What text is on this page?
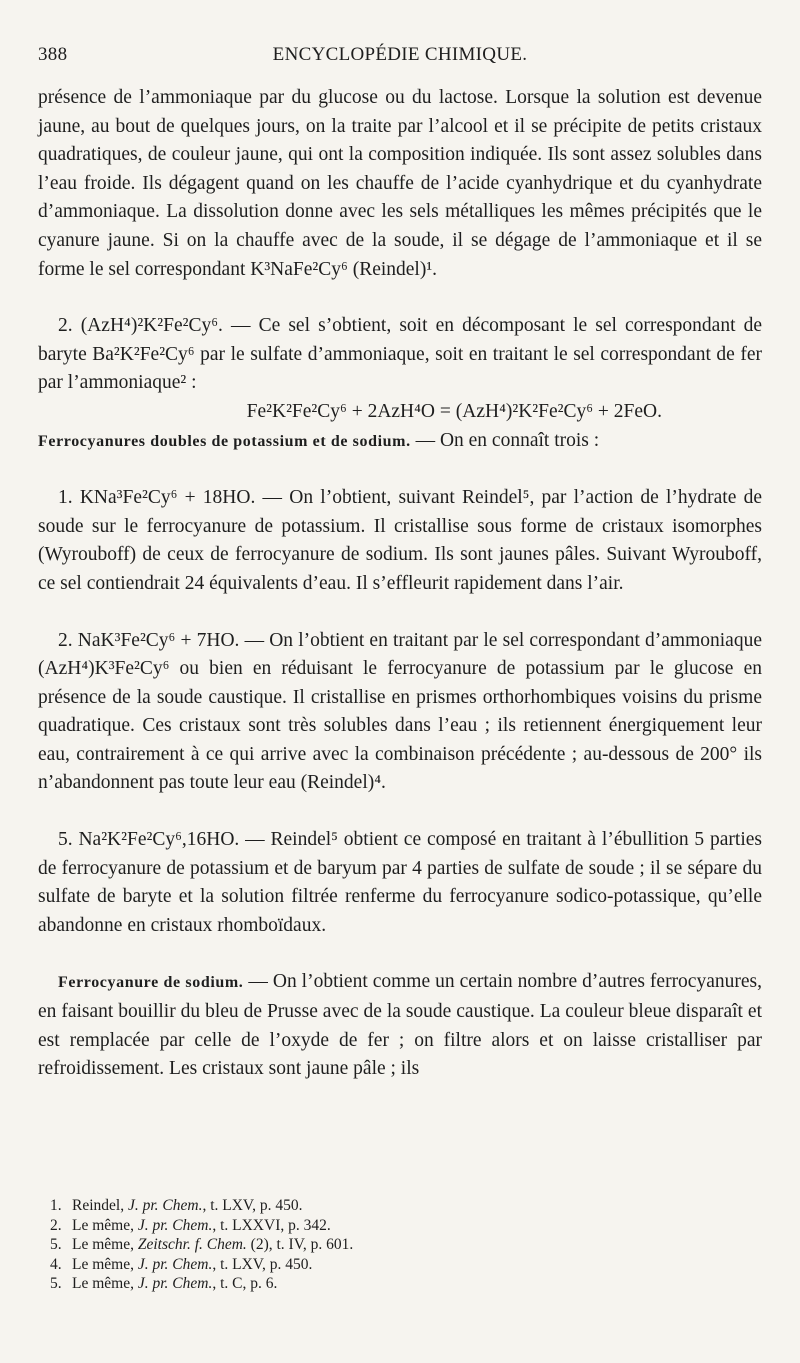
388	ENCYCLOPÉDIE CHIMIQUE.

présence de l’ammoniaque par du glucose ou du lactose. Lorsque la solution est devenue jaune, au bout de quelques jours, on la traite par l’alcool et il se précipite de petits cristaux quadratiques, de couleur jaune, qui ont la composition indiquée. Ils sont assez solubles dans l’eau froide. Ils dégagent quand on les chauffe de l’acide cyanhydrique et du cyanhydrate d’ammoniaque. La dissolution donne avec les sels métalliques les mêmes précipités que le cyanure jaune. Si on la chauffe avec de la soude, il se dégage de l’ammoniaque et il se forme le sel correspondant K³NaFe²Cy⁶ (Reindel)¹.

2. (AzH⁴)²K²Fe²Cy⁶. — Ce sel s’obtient, soit en décomposant le sel correspondant de baryte Ba²K²Fe²Cy⁶ par le sulfate d’ammoniaque, soit en traitant le sel correspondant de fer par l’ammoniaque² :

Fe²K²Fe²Cy⁶ + 2AzH⁴O = (AzH⁴)²K²Fe²Cy⁶ + 2FeO.

Ferrocyanures doubles de potassium et de sodium. — On en connaît trois :

1. KNa³Fe²Cy⁶ + 18HO. — On l’obtient, suivant Reindel⁵, par l’action de l’hydrate de soude sur le ferrocyanure de potassium. Il cristallise sous forme de cristaux isomorphes (Wyrouboff) de ceux de ferrocyanure de sodium. Ils sont jaunes pâles. Suivant Wyrouboff, ce sel contiendrait 24 équivalents d’eau. Il s’effleurit rapidement dans l’air.

2. NaK³Fe²Cy⁶ + 7HO. — On l’obtient en traitant par le sel correspondant d’ammoniaque (AzH⁴)K³Fe²Cy⁶ ou bien en réduisant le ferrocyanure de potassium par le glucose en présence de la soude caustique. Il cristallise en prismes orthorhombiques voisins du prisme quadratique. Ces cristaux sont très solubles dans l’eau ; ils retiennent énergiquement leur eau, contrairement à ce qui arrive avec la combinaison précédente ; au-dessous de 200° ils n’abandonnent pas toute leur eau (Reindel)⁴.

5. Na²K²Fe²Cy⁶,16HO. — Reindel⁵ obtient ce composé en traitant à l’ébullition 5 parties de ferrocyanure de potassium et de baryum par 4 parties de sulfate de soude ; il se sépare du sulfate de baryte et la solution filtrée renferme du ferrocyanure sodico-potassique, qu’elle abandonne en cristaux rhomboïdaux.

Ferrocyanure de sodium. — On l’obtient comme un certain nombre d’autres ferrocyanures, en faisant bouillir du bleu de Prusse avec de la soude caustique. La couleur bleue disparaît et est remplacée par celle de l’oxyde de fer ; on filtre alors et on laisse cristalliser par refroidissement. Les cristaux sont jaune pâle ; ils

1. Reindel, J. pr. Chem., t. LXV, p. 450.
2. Le même, J. pr. Chem., t. LXXVI, p. 342.
5. Le même, Zeitschr. f. Chem. (2), t. IV, p. 601.
4. Le même, J. pr. Chem., t. LXV, p. 450.
5. Le même, J. pr. Chem., t. C, p. 6.
